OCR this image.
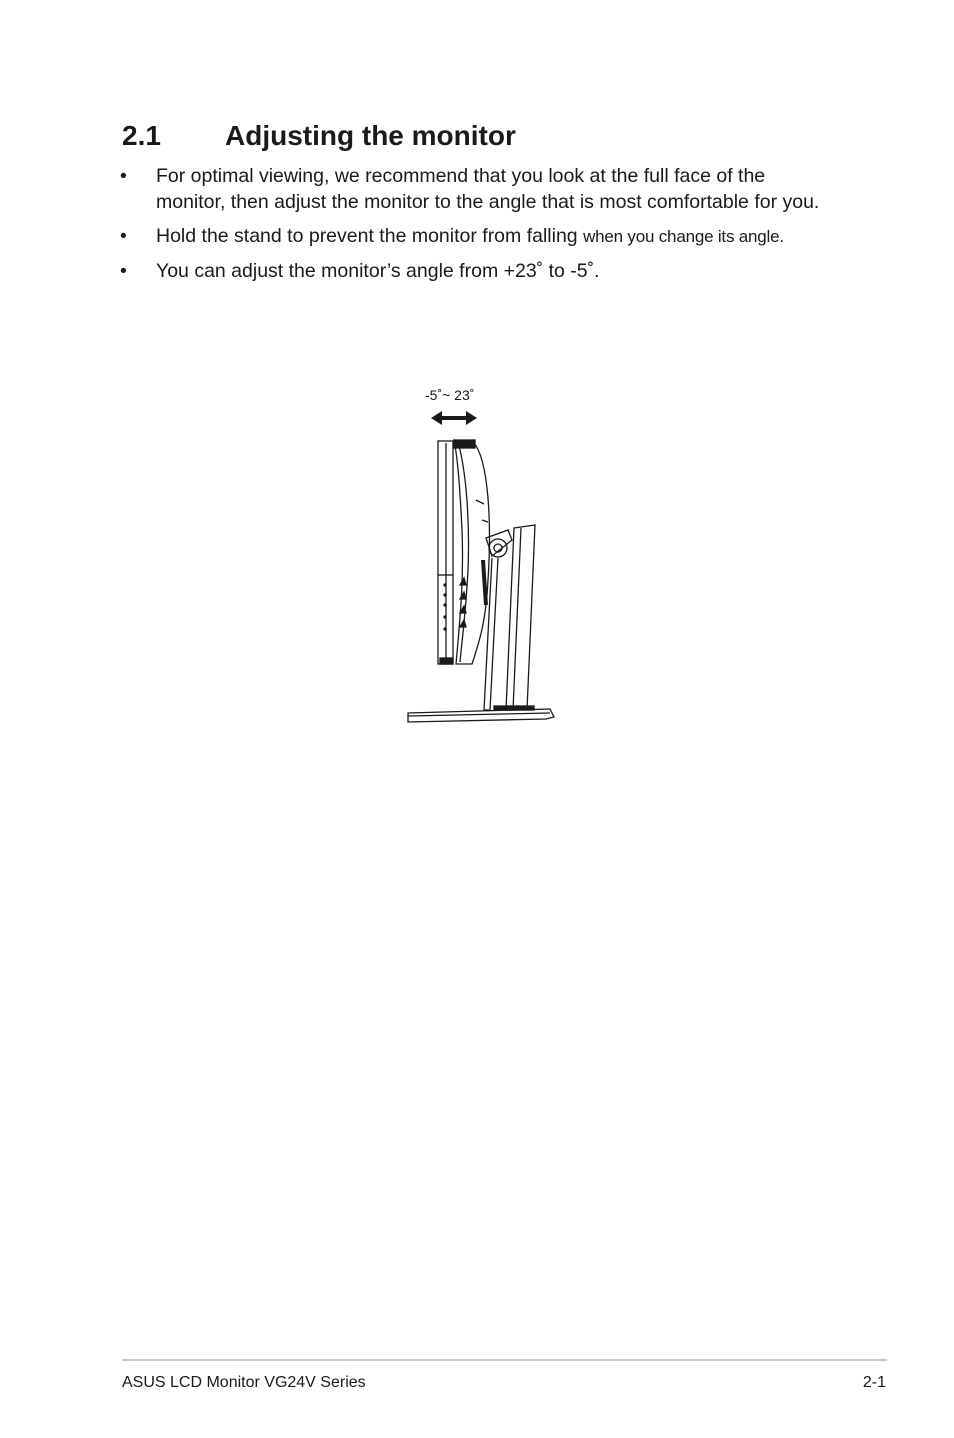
2.1 Adjusting the monitor
• For optimal viewing, we recommend that you look at the full face of the monitor, then adjust the monitor to the angle that is most comfortable for you.
• Hold the stand to prevent the monitor from falling when you change its angle.
• You can adjust the monitor’s angle from +23˚ to -5˚.
-5˚~ 23˚
ASUS LCD Monitor VG24V Series	2-1
